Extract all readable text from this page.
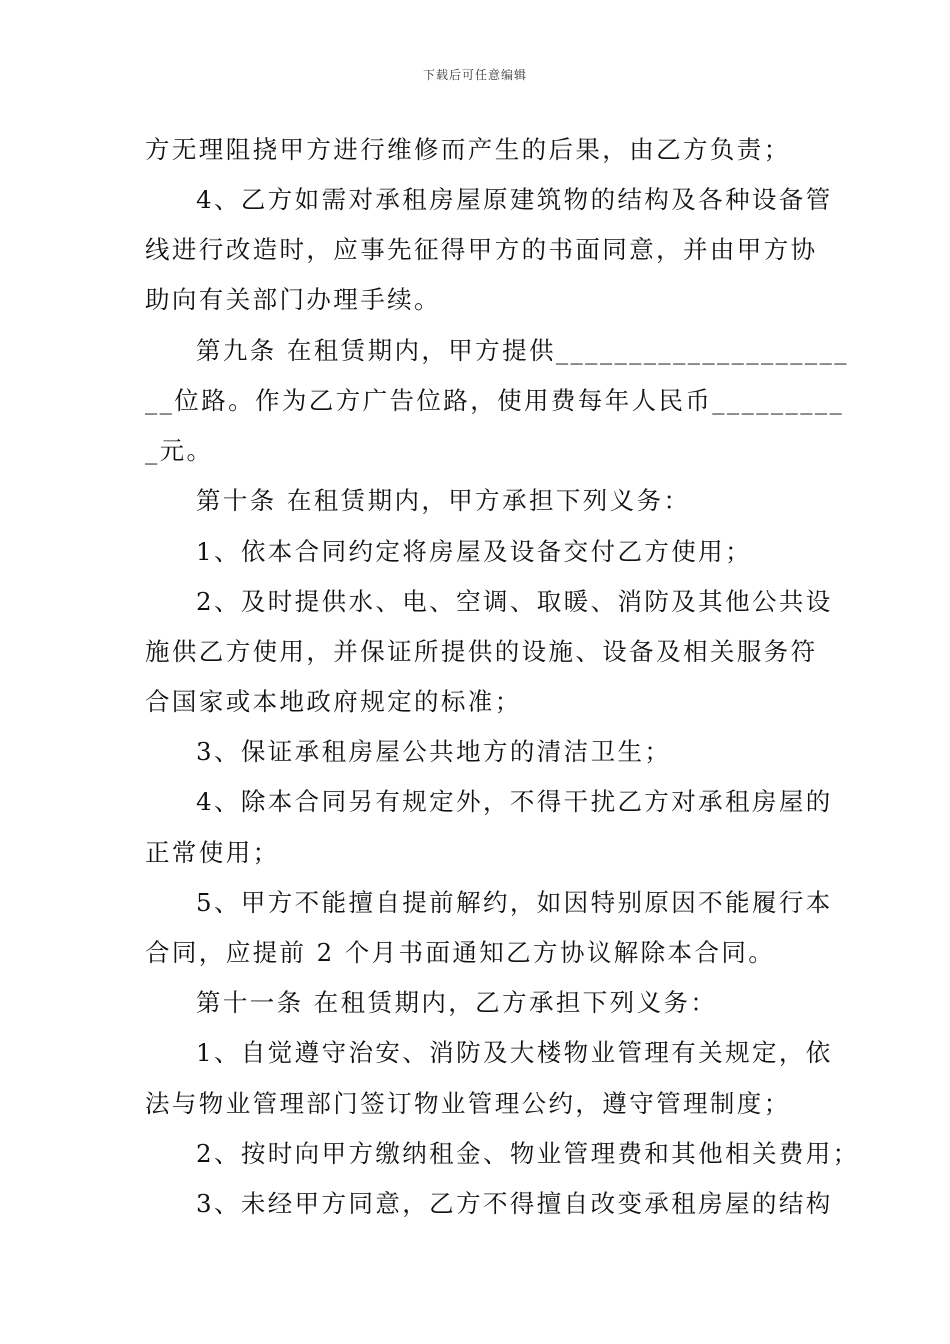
下载后可任意编辑
方无理阻挠甲方进行维修而产生的后果，由乙方负责；
4、乙方如需对承租房屋原建筑物的结构及各种设备管
线进行改造时，应事先征得甲方的书面同意，并由甲方协
助向有关部门办理手续。
第九条 在租赁期内，甲方提供____________________
__位路。作为乙方广告位路，使用费每年人民币_________
_元。
第十条 在租赁期内，甲方承担下列义务：
1、依本合同约定将房屋及设备交付乙方使用；
2、及时提供水、电、空调、取暖、消防及其他公共设
施供乙方使用，并保证所提供的设施、设备及相关服务符
合国家或本地政府规定的标准；
3、保证承租房屋公共地方的清洁卫生；
4、除本合同另有规定外，不得干扰乙方对承租房屋的
正常使用；
5、甲方不能擅自提前解约，如因特别原因不能履行本
合同，应提前 2 个月书面通知乙方协议解除本合同。
第十一条 在租赁期内，乙方承担下列义务：
1、自觉遵守治安、消防及大楼物业管理有关规定，依
法与物业管理部门签订物业管理公约，遵守管理制度；
2、按时向甲方缴纳租金、物业管理费和其他相关费用；
3、未经甲方同意，乙方不得擅自改变承租房屋的结构
